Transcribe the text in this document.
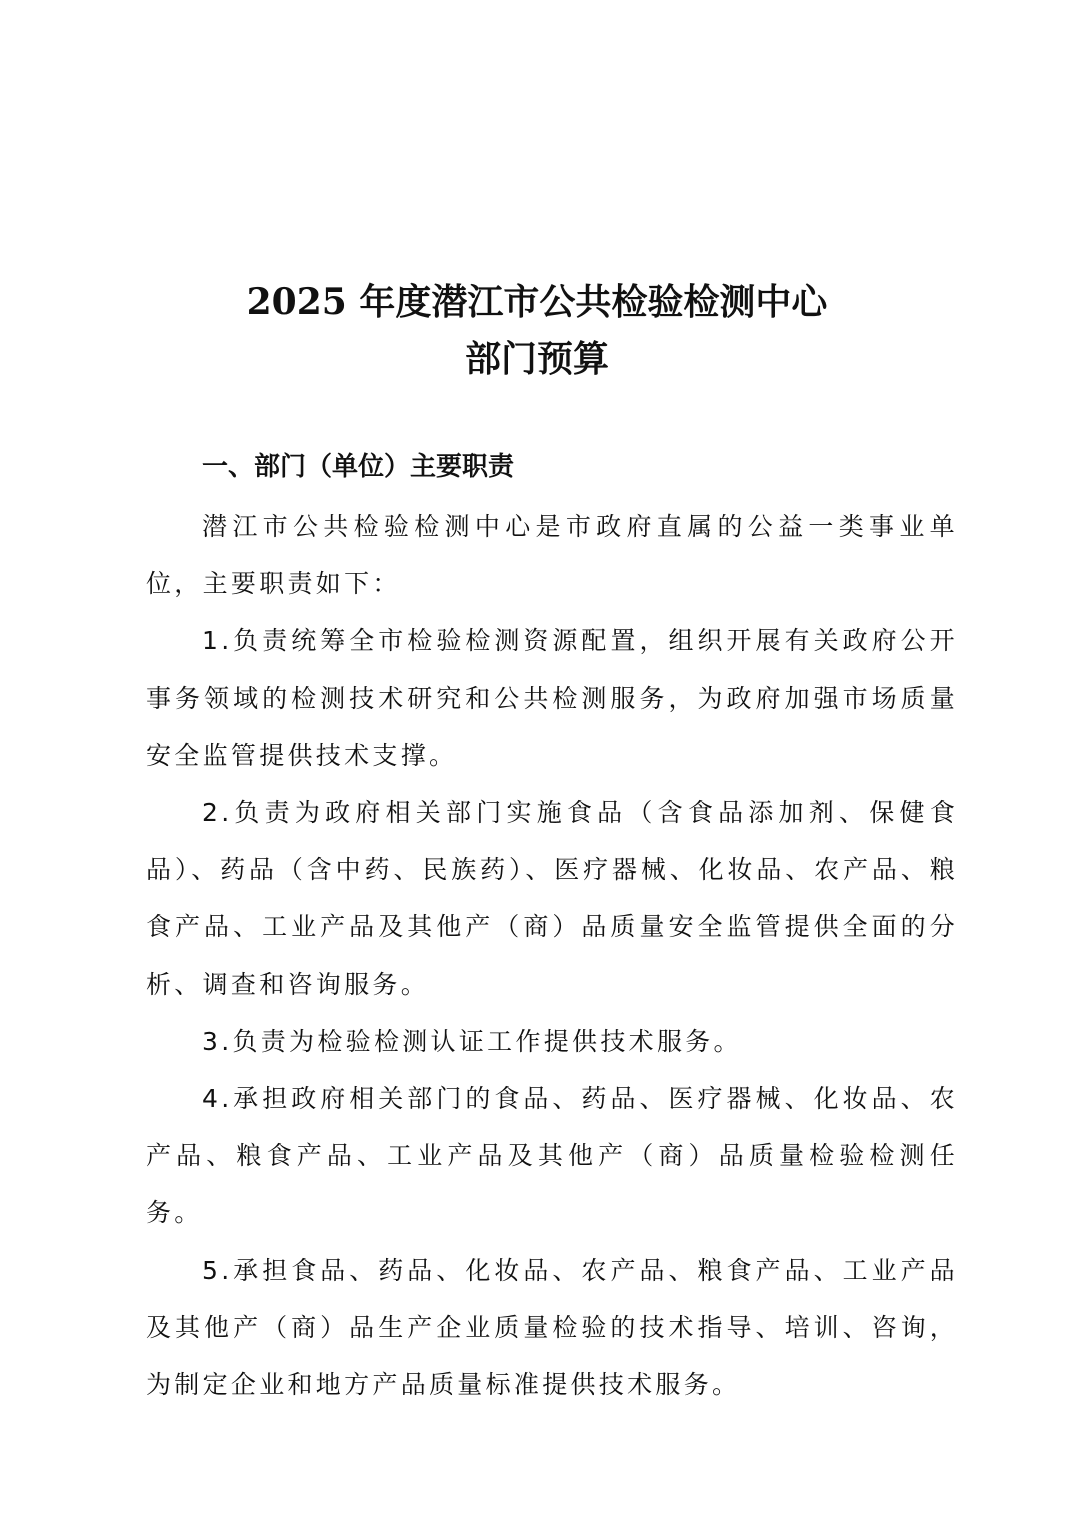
2025 年度潜江市公共检验检测中心
部门预算
一、部门（单位）主要职责

潜江市公共检验检测中心是市政府直属的公益一类事业单位，主要职责如下：

1.负责统筹全市检验检测资源配置，组织开展有关政府公开事务领域的检测技术研究和公共检测服务，为政府加强市场质量安全监管提供技术支撑。

2.负责为政府相关部门实施食品（含食品添加剂、保健食品）、药品（含中药、民族药）、医疗器械、化妆品、农产品、粮食产品、工业产品及其他产（商）品质量安全监管提供全面的分析、调查和咨询服务。

3.负责为检验检测认证工作提供技术服务。

4.承担政府相关部门的食品、药品、医疗器械、化妆品、农产品、粮食产品、工业产品及其他产（商）品质量检验检测任务。

5.承担食品、药品、化妆品、农产品、粮食产品、工业产品及其他产（商）品生产企业质量检验的技术指导、培训、咨询，为制定企业和地方产品质量标准提供技术服务。
